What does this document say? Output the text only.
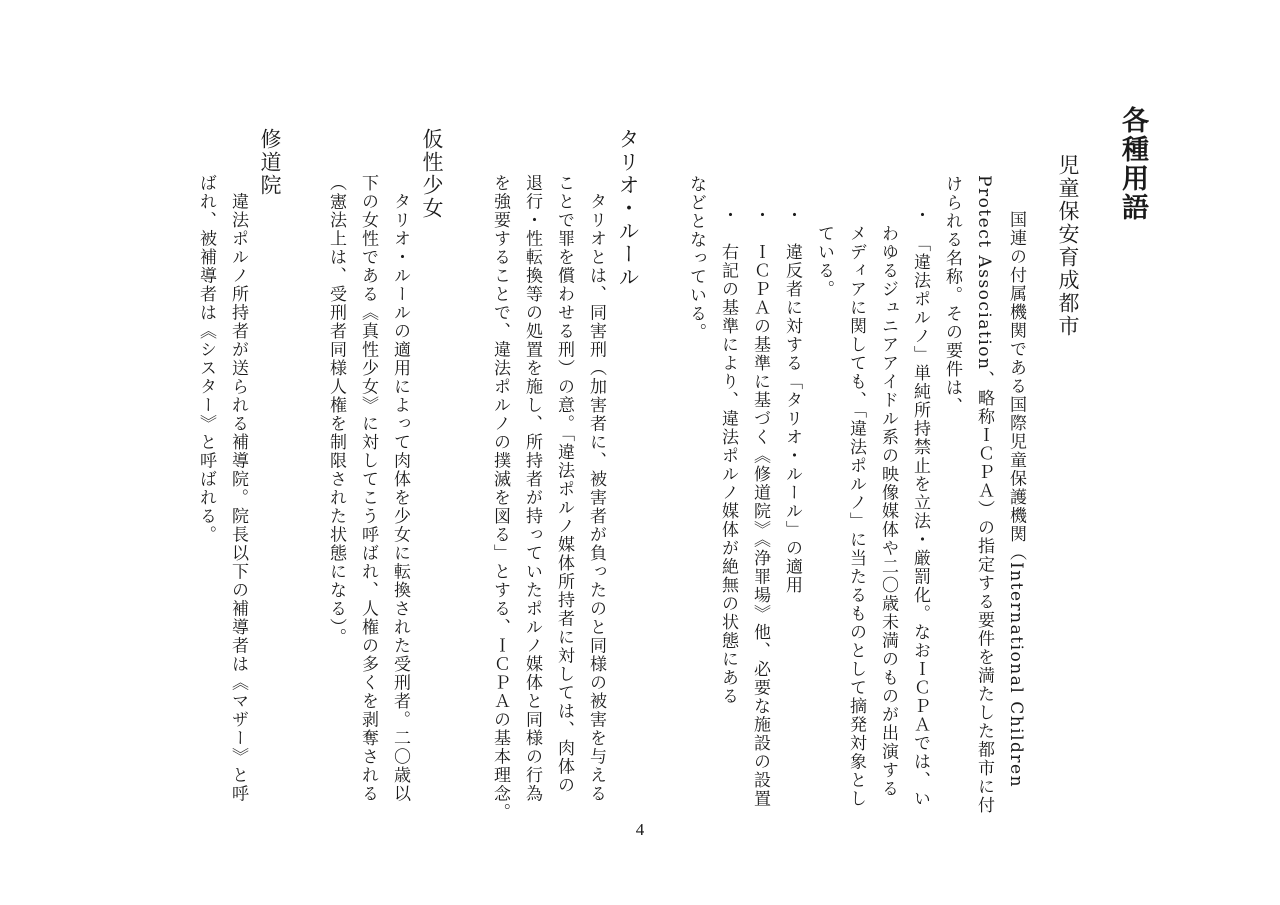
各種用語
児童保安育成都市
　国連の付属機関である国際児童保護機関（International Children
Protect Association、略称ＩＣＰＡ）の指定する要件を満たした都市に付
けられる名称。その要件は、
・　「違法ポルノ」単純所持禁止を立法・厳罰化。なおＩＣＰＡでは、い
　わゆるジュニアアイドル系の映像媒体や二〇歳未満のものが出演する
　メディアに関しても、「違法ポルノ」に当たるものとして摘発対象とし
　ている。
・　違反者に対する「タリオ・ルール」の適用
・　ＩＣＰＡの基準に基づく《修道院》《浄罪場》他、必要な施設の設置
・　右記の基準により、違法ポルノ媒体が絶無の状態にある
などとなっている。
タリオ・ルール
　タリオとは、同害刑（加害者に、被害者が負ったのと同様の被害を与える
ことで罪を償わせる刑）の意。「違法ポルノ媒体所持者に対しては、肉体の
退行・性転換等の処置を施し、所持者が持っていたポルノ媒体と同様の行為
を強要することで、違法ポルノの撲滅を図る」とする、ＩＣＰＡの基本理念。
仮性少女
　タリオ・ルールの適用によって肉体を少女に転換された受刑者。二〇歳以
下の女性である《真性少女》に対してこう呼ばれ、人権の多くを剥奪される
（憲法上は、受刑者同様人権を制限された状態になる）。
修道院
　違法ポルノ所持者が送られる補導院。院長以下の補導者は《マザー》と呼
ばれ、被補導者は《シスター》と呼ばれる。
4
